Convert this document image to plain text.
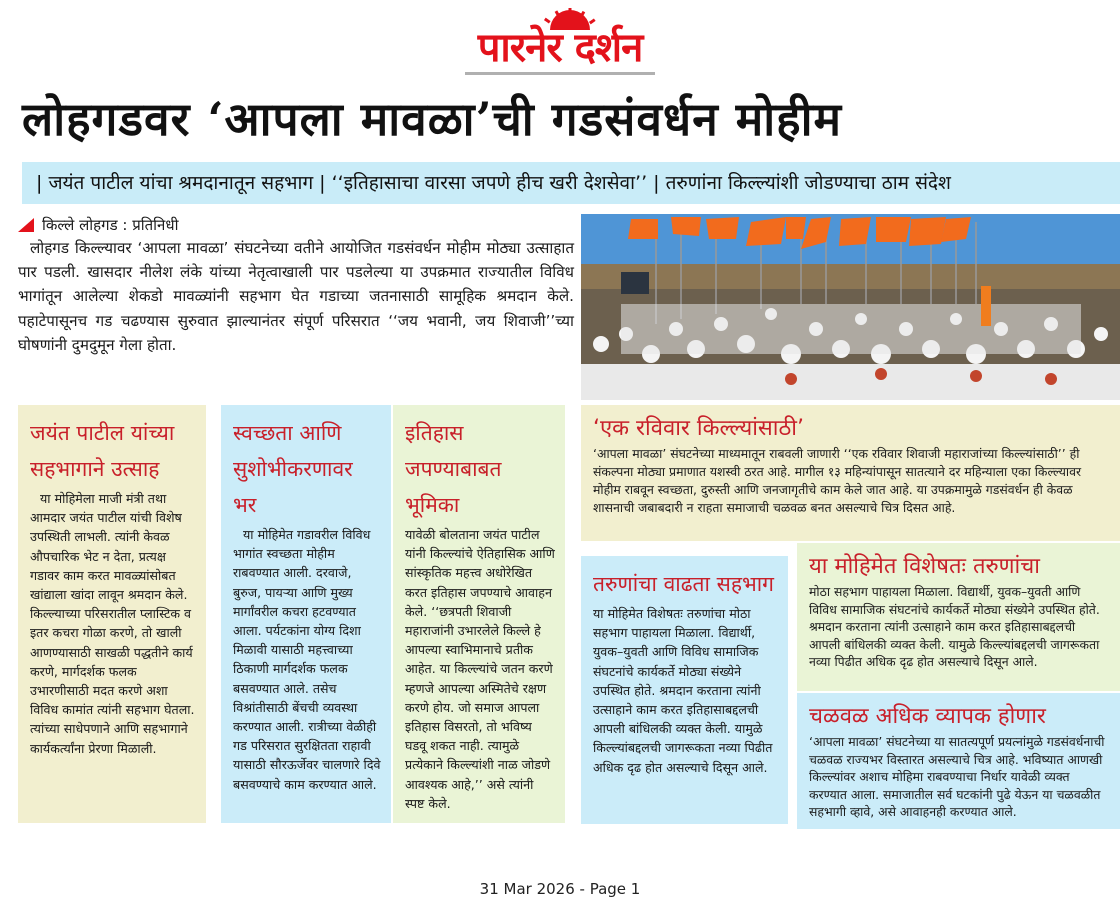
पारनेर दर्शन
लोहगडवर ‘आपला मावळा’ची गडसंवर्धन मोहीम
| जयंत पाटील यांचा श्रमदानातून सहभाग | ‘‘इतिहासाचा वारसा जपणे हीच खरी देशसेवा’’ | तरुणांना किल्ल्यांशी जोडण्याचा ठाम संदेश
किल्ले लोहगड : प्रतिनिधी

लोहगड किल्ल्यावर ‘आपला मावळा’ संघटनेच्या वतीने आयोजित गडसंवर्धन मोहीम मोठ्या उत्साहात पार पडली. खासदार नीलेश लंके यांच्या नेतृत्वाखाली पार पडलेल्या या उपक्रमात राज्यातील विविध भागांतून आलेल्या शेकडो मावळ्यांनी सहभाग घेत गडाच्या जतनासाठी सामूहिक श्रमदान केले. पहाटेपासूनच गड चढण्यास सुरुवात झाल्यानंतर संपूर्ण परिसरात ‘‘जय भवानी, जय शिवाजी’’च्या घोषणांनी दुमदुमून गेला होता.

जयंत पाटील यांच्या सहभागाने उत्साह

या मोहिमेला माजी मंत्री तथा आमदार जयंत पाटील यांची विशेष उपस्थिती लाभली. त्यांनी केवळ औपचारिक भेट न देता, प्रत्यक्ष गडावर काम करत मावळ्यांसोबत खांद्याला खांदा लावून श्रमदान केले. किल्ल्याच्या परिसरातील प्लास्टिक व इतर कचरा गोळा करणे, तो खाली आणण्यासाठी साखळी पद्धतीने कार्य करणे, मार्गदर्शक फलक उभारणीसाठी मदत करणे अशा विविध कामांत त्यांनी सहभाग घेतला. त्यांच्या साधेपणाने आणि सहभागाने कार्यकर्त्यांना प्रेरणा मिळाली.

स्वच्छता आणि सुशोभीकरणावर भर

या मोहिमेत गडावरील विविध भागांत स्वच्छता मोहीम राबवण्यात आली. दरवाजे, बुरुज, पायऱ्या आणि मुख्य मार्गांवरील कचरा हटवण्यात आला. पर्यटकांना योग्य दिशा मिळावी यासाठी महत्त्वाच्या ठिकाणी मार्गदर्शक फलक बसवण्यात आले. तसेच विश्रांतीसाठी बेंचची व्यवस्था करण्यात आली. रात्रीच्या वेळीही गड परिसरात सुरक्षितता राहावी यासाठी सौरऊर्जेवर चालणारे दिवे बसवण्याचे काम करण्यात आले.

इतिहास जपण्याबाबत भूमिका

यावेळी बोलताना जयंत पाटील यांनी किल्ल्यांचे ऐतिहासिक आणि सांस्कृतिक महत्त्व अधोरेखित करत इतिहास जपण्याचे आवाहन केले. ‘‘छत्रपती शिवाजी महाराजांनी उभारलेले किल्ले हे आपल्या स्वाभिमानाचे प्रतीक आहेत. या किल्ल्यांचे जतन करणे म्हणजे आपल्या अस्मितेचे रक्षण करणे होय. जो समाज आपला इतिहास विसरतो, तो भविष्य घडवू शकत नाही. त्यामुळे प्रत्येकाने किल्ल्यांशी नाळ जोडणे आवश्यक आहे,’’ असे त्यांनी स्पष्ट केले.

‘एक रविवार किल्ल्यांसाठी’

‘आपला मावळा’ संघटनेच्या माध्यमातून राबवली जाणारी ‘‘एक रविवार शिवाजी महाराजांच्या किल्ल्यांसाठी’’ ही संकल्पना मोठ्या प्रमाणात यशस्वी ठरत आहे. मागील १३ महिन्यांपासून सातत्याने दर महिन्याला एका किल्ल्यावर मोहीम राबवून स्वच्छता, दुरुस्ती आणि जनजागृतीचे काम केले जात आहे. या उपक्रमामुळे गडसंवर्धन ही केवळ शासनाची जबाबदारी न राहता समाजाची चळवळ बनत असल्याचे चित्र दिसत आहे.

तरुणांचा वाढता सहभाग

या मोहिमेत विशेषतः तरुणांचा मोठा सहभाग पाहायला मिळाला. विद्यार्थी, युवक–युवती आणि विविध सामाजिक संघटनांचे कार्यकर्ते मोठ्या संख्येने उपस्थित होते. श्रमदान करताना त्यांनी उत्साहाने काम करत इतिहासाबद्दलची आपली बांधिलकी व्यक्त केली. यामुळे किल्ल्यांबद्दलची जागरूकता नव्या पिढीत अधिक दृढ होत असल्याचे दिसून आले.

या मोहिमेत विशेषतः तरुणांचा

मोठा सहभाग पाहायला मिळाला. विद्यार्थी, युवक–युवती आणि विविध सामाजिक संघटनांचे कार्यकर्ते मोठ्या संख्येने उपस्थित होते. श्रमदान करताना त्यांनी उत्साहाने काम करत इतिहासाबद्दलची आपली बांधिलकी व्यक्त केली. यामुळे किल्ल्यांबद्दलची जागरूकता नव्या पिढीत अधिक दृढ होत असल्याचे दिसून आले.

चळवळ अधिक व्यापक होणार

‘आपला मावळा’ संघटनेच्या या सातत्यपूर्ण प्रयत्नांमुळे गडसंवर्धनाची चळवळ राज्यभर विस्तारत असल्याचे चित्र आहे. भविष्यात आणखी किल्ल्यांवर अशाच मोहिमा राबवण्याचा निर्धार यावेळी व्यक्त करण्यात आला. समाजातील सर्व घटकांनी पुढे येऊन या चळवळीत सहभागी व्हावे, असे आवाहनही करण्यात आले.

31 Mar 2026 - Page 1
